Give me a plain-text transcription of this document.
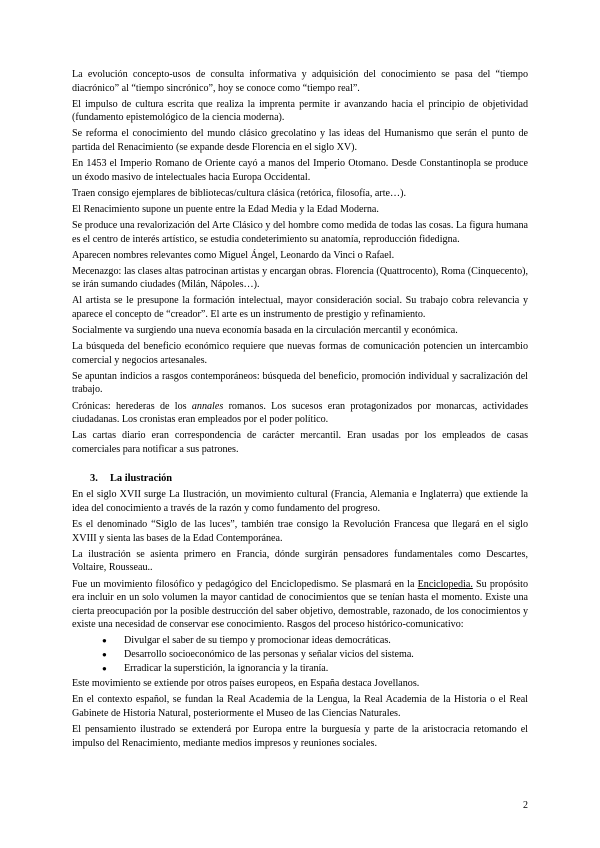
La evolución concepto-usos de consulta informativa y adquisición del conocimiento se pasa del “tiempo diacrónico” al “tiempo sincrónico”, hoy se conoce como “tiempo real”.

El impulso de cultura escrita que realiza la imprenta permite ir avanzando hacia el principio de objetividad (fundamento epistemológico de la ciencia moderna).

Se reforma el conocimiento del mundo clásico grecolatino y las ideas del Humanismo que serán el punto de partida del Renacimiento (se expande desde Florencia en el siglo XV).

En 1453 el Imperio Romano de Oriente cayó a manos del Imperio Otomano. Desde Constantinopla se produce un éxodo masivo de intelectuales hacia Europa Occidental.

Traen consigo ejemplares de bibliotecas/cultura clásica (retórica, filosofía, arte…).

El Renacimiento supone un puente entre la Edad Media y la Edad Moderna.

Se produce una revalorización del Arte Clásico y del hombre como medida de todas las cosas. La figura humana es el centro de interés artístico, se estudia condeterimiento su anatomía, reproducción fidedigna.

Aparecen nombres relevantes como Miguel Ángel, Leonardo da Vinci o Rafael.

Mecenazgo: las clases altas patrocinan artistas y encargan obras. Florencia (Quattrocento), Roma (Cinquecento), se irán sumando ciudades (Milán, Nápoles…).

Al artista se le presupone la formación intelectual, mayor consideración social. Su trabajo cobra relevancia y aparece el concepto de “creador”. El arte es un instrumento de prestigio y refinamiento.

Socialmente va surgiendo una nueva economía basada en la circulación mercantil y económica.

La búsqueda del beneficio económico requiere que nuevas formas de comunicación potencien un intercambio comercial y negocios artesanales.

Se apuntan indicios a rasgos contemporáneos: búsqueda del beneficio, promoción individual y sacralización del trabajo.

Crónicas: herederas de los annales romanos. Los sucesos eran protagonizados por monarcas, actividades ciudadanas. Los cronistas eran empleados por el poder político.

Las cartas diario eran correspondencia de carácter mercantil. Eran usadas por los empleados de casas comerciales para notificar a sus patrones.

3. La ilustración

En el siglo XVII surge La Ilustración, un movimiento cultural (Francia, Alemania e Inglaterra) que extiende la idea del conocimiento a través de la razón y como fundamento del progreso.

Es el denominado “Siglo de las luces”, también trae consigo la Revolución Francesa que llegará en el siglo XVIII y sienta las bases de la Edad Contemporánea.

La ilustración se asienta primero en Francia, dónde surgirán pensadores fundamentales como Descartes, Voltaire, Rousseau..

Fue un movimiento filosófico y pedagógico del Enciclopedismo. Se plasmará en la Enciclopedia. Su propósito era incluir en un solo volumen la mayor cantidad de conocimientos que se tenían hasta el momento. Existe una cierta preocupación por la posible destrucción del saber objetivo, demostrable, razonado, de los conocimientos y existe una necesidad de conservar ese conocimiento. Rasgos del proceso histórico-comunicativo:

● Divulgar el saber de su tiempo y promocionar ideas democráticas.
● Desarrollo socioeconómico de las personas y señalar vicios del sistema.
● Erradicar la superstición, la ignorancia y la tiranía.

Este movimiento se extiende por otros países europeos, en España destaca Jovellanos.

En el contexto español, se fundan la Real Academia de la Lengua, la Real Academia de la Historia o el Real Gabinete de Historia Natural, posteriormente el Museo de las Ciencias Naturales.

El pensamiento ilustrado se extenderá por Europa entre la burguesía y parte de la aristocracia retomando el impulso del Renacimiento, mediante medios impresos y reuniones sociales.

2
